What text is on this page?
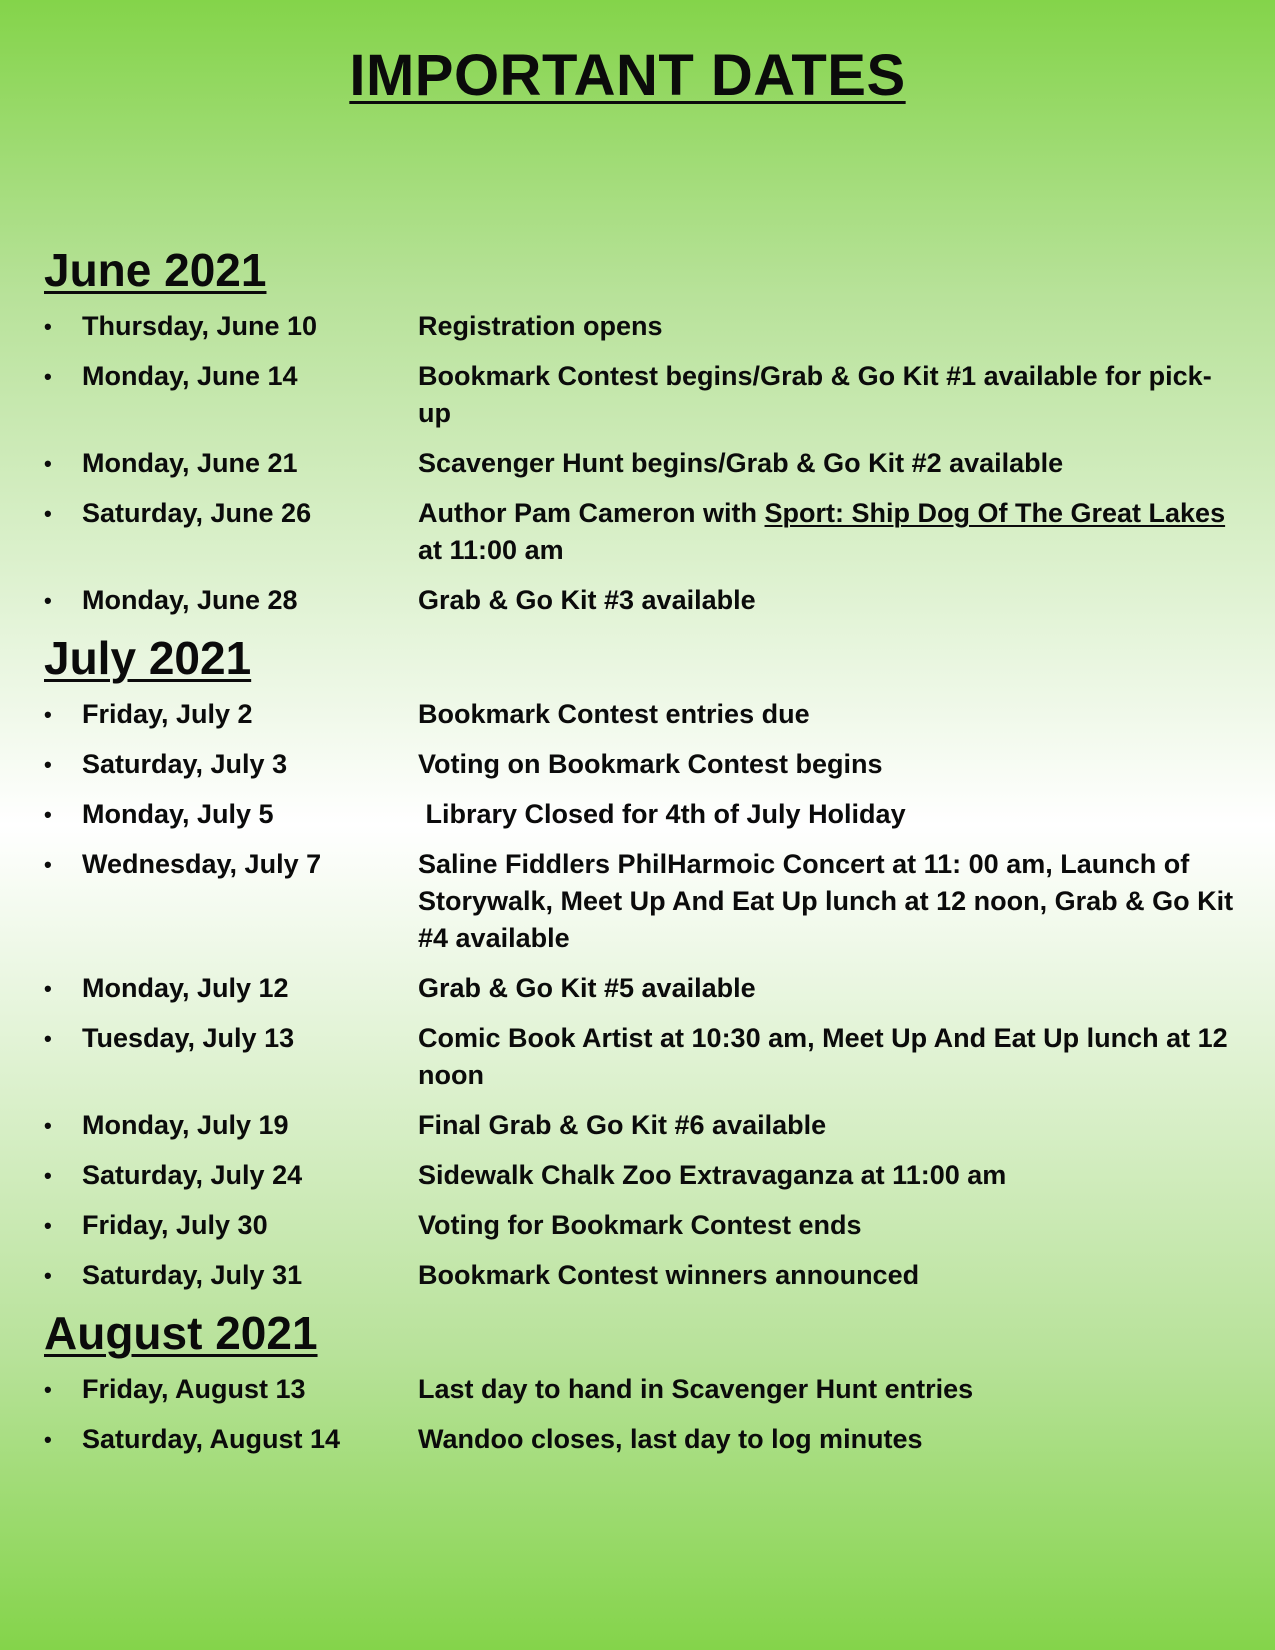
IMPORTANT DATES
June 2021
•	Thursday, June 10	Registration opens
•	Monday, June 14	Bookmark Contest begins/Grab & Go Kit #1 available for pick-up
•	Monday, June 21	Scavenger Hunt begins/Grab & Go Kit #2 available
•	Saturday, June 26	Author Pam Cameron with Sport: Ship Dog Of The Great Lakes at 11:00 am
•	Monday, June 28	Grab & Go Kit #3 available
July 2021
•	Friday, July 2	Bookmark Contest entries due
•	Saturday, July 3	Voting on Bookmark Contest begins
•	Monday, July 5	Library Closed for 4th of July Holiday
•	Wednesday, July 7	Saline Fiddlers PhilHarmoic Concert at 11: 00 am, Launch of Storywalk, Meet Up And Eat Up lunch at 12 noon, Grab & Go Kit #4 available
•	Monday, July 12	Grab & Go Kit #5 available
•	Tuesday, July 13	Comic Book Artist at 10:30 am, Meet Up And Eat Up lunch at 12 noon
•	Monday, July 19	Final Grab & Go Kit #6 available
•	Saturday, July 24	Sidewalk Chalk Zoo Extravaganza at 11:00 am
•	Friday, July 30	Voting for Bookmark Contest ends
•	Saturday, July 31	Bookmark Contest winners announced
August 2021
•	Friday, August 13	Last day to hand in Scavenger Hunt entries
•	Saturday, August 14	Wandoo closes, last day to log minutes
